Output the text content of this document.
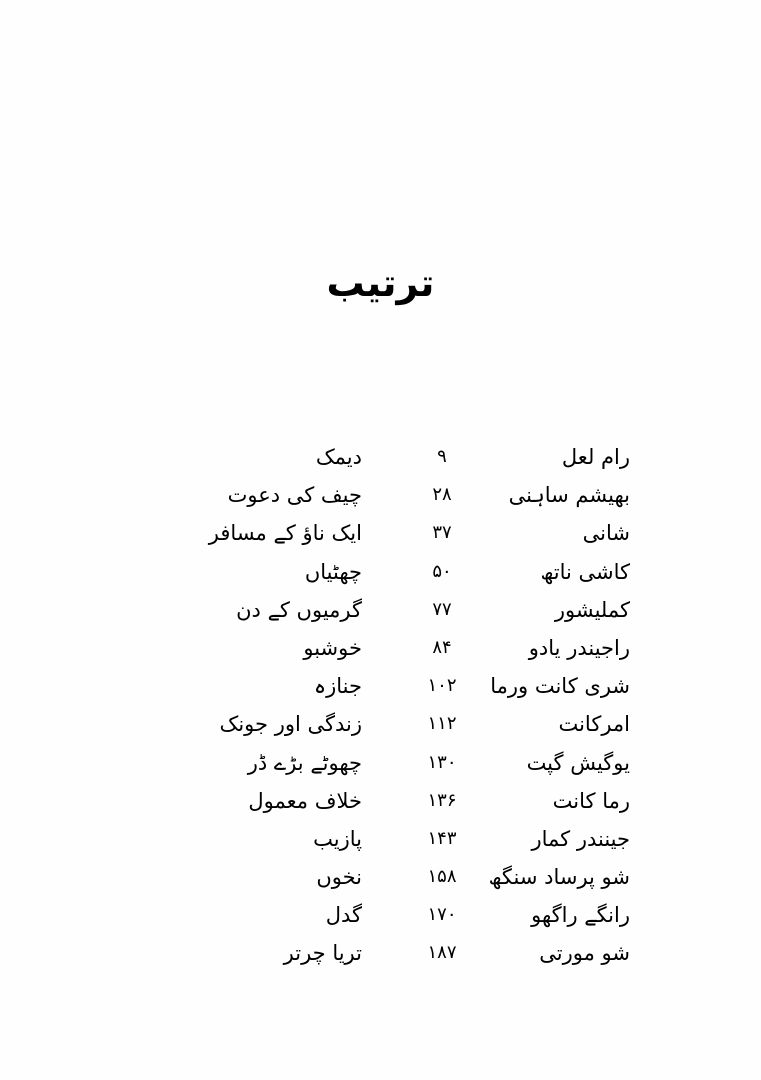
ترتیب
رام لعل
۹
دیمک
بھیشم ساہنی
۲۸
چیف کی دعوت
شانی
۳۷
ایک ناؤ کے مسافر
کاشی ناتھ
۵۰
چھٹیاں
کملیشور
۷۷
گرمیوں کے دن
راجیندر یادو
۸۴
خوشبو
شری کانت ورما
۱۰۲
جنازہ
امرکانت
۱۱۲
زندگی اور جونک
یوگیش گپت
۱۳۰
چھوٹے بڑے ڈر
رما کانت
۱۳۶
خلاف معمول
جینندر کمار
۱۴۳
پازیب
شو پرساد سنگھ
۱۵۸
نخوں
رانگے راگھو
۱۷۰
گدل
شو مورتی
۱۸۷
تریا چرتر
